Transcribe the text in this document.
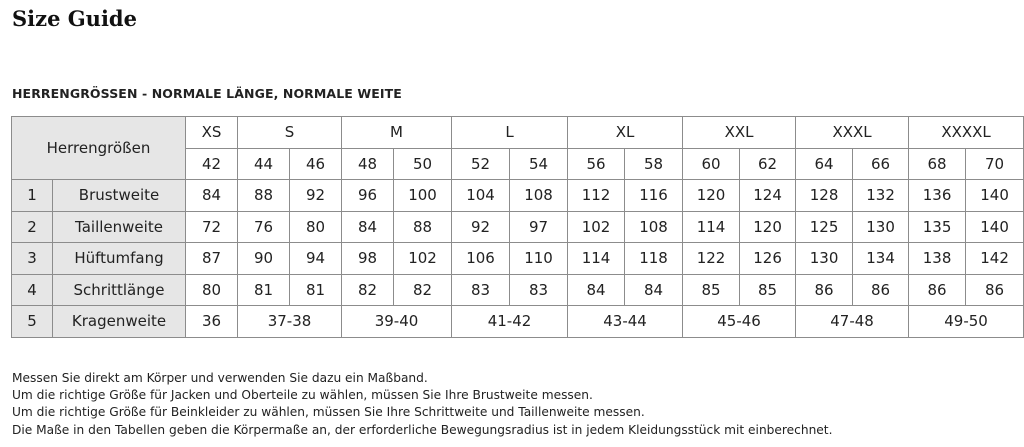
Size Guide
HERRENGRÖSSEN - NORMALE LÄNGE, NORMALE WEITE
Herrengrößen		XS	S		M		L		XL		XXL		XXXL		XXXXL	
		42	44	46	48	50	52	54	56	58	60	62	64	66	68	70
1	Brustweite	84	88	92	96	100	104	108	112	116	120	124	128	132	136	140
2	Taillenweite	72	76	80	84	88	92	97	102	108	114	120	125	130	135	140
3	Hüftumfang	87	90	94	98	102	106	110	114	118	122	126	130	134	138	142
4	Schrittlänge	80	81	81	82	82	83	83	84	84	85	85	86	86	86	86
5	Kragenweite	36	37-38		39-40		41-42		43-44		45-46		47-48		49-50	

Messen Sie direkt am Körper und verwenden Sie dazu ein Maßband.

Um die richtige Größe für Jacken und Oberteile zu wählen, müssen Sie Ihre Brustweite messen.

Um die richtige Größe für Beinkleider zu wählen, müssen Sie Ihre Schrittweite und Taillenweite messen.

Die Maße in den Tabellen geben die Körpermaße an, der erforderliche Bewegungsradius ist in jedem Kleidungsstück mit einberechnet.
